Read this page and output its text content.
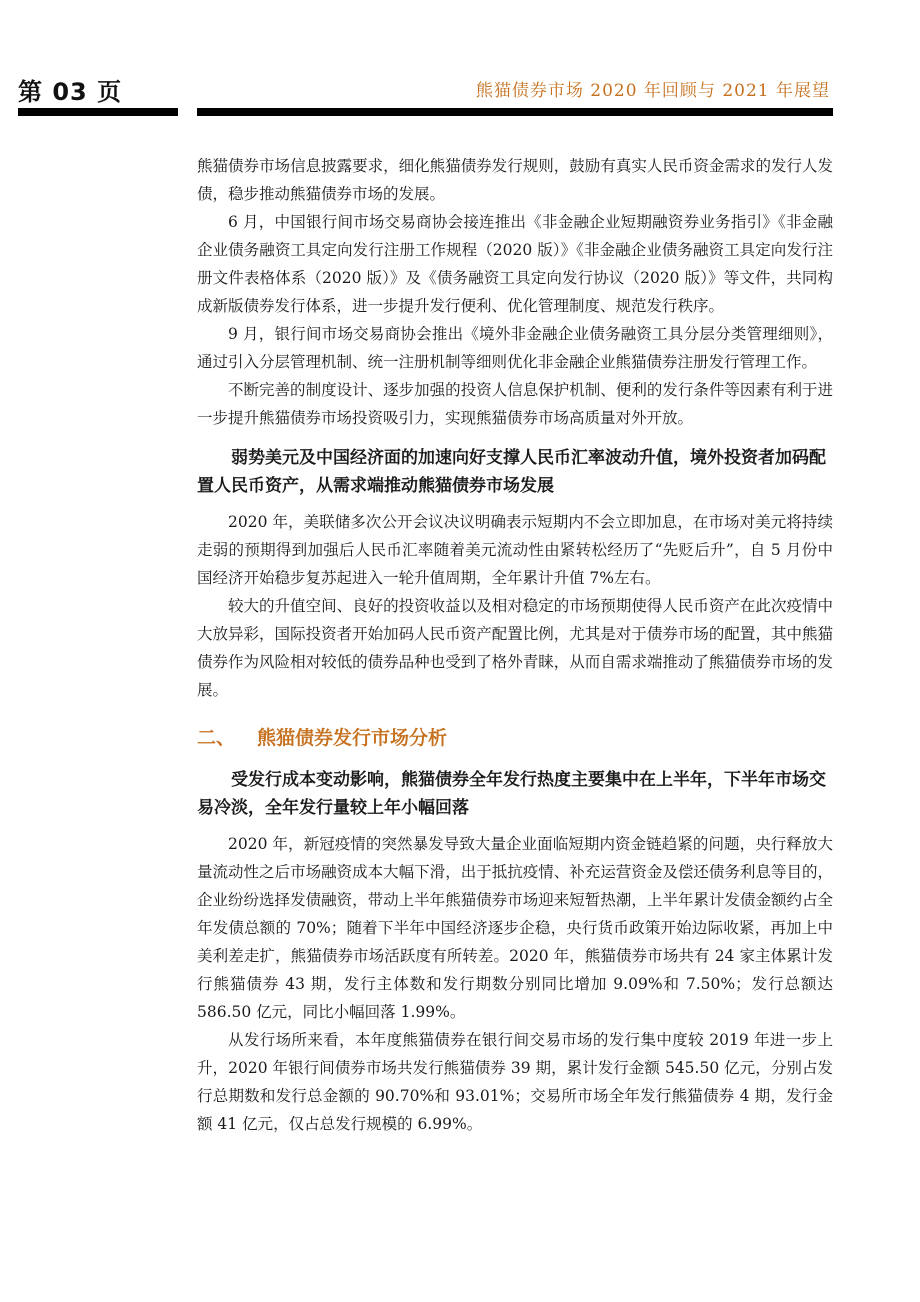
第 03 页	熊猫债券市场 2020 年回顾与 2021 年展望

熊猫债券市场信息披露要求，细化熊猫债券发行规则，鼓励有真实人民币资金需求的发行人发债，稳步推动熊猫债券市场的发展。

6 月，中国银行间市场交易商协会接连推出《非金融企业短期融资券业务指引》《非金融企业债务融资工具定向发行注册工作规程（2020 版）》《非金融企业债务融资工具定向发行注册文件表格体系（2020 版）》及《债务融资工具定向发行协议（2020 版）》等文件，共同构成新版债券发行体系，进一步提升发行便利、优化管理制度、规范发行秩序。

9 月，银行间市场交易商协会推出《境外非金融企业债务融资工具分层分类管理细则》，通过引入分层管理机制、统一注册机制等细则优化非金融企业熊猫债券注册发行管理工作。

不断完善的制度设计、逐步加强的投资人信息保护机制、便利的发行条件等因素有利于进一步提升熊猫债券市场投资吸引力，实现熊猫债券市场高质量对外开放。

弱势美元及中国经济面的加速向好支撑人民币汇率波动升值，境外投资者加码配置人民币资产，从需求端推动熊猫债券市场发展

2020 年，美联储多次公开会议决议明确表示短期内不会立即加息，在市场对美元将持续走弱的预期得到加强后人民币汇率随着美元流动性由紧转松经历了“先贬后升”，自 5 月份中国经济开始稳步复苏起进入一轮升值周期，全年累计升值 7%左右。

较大的升值空间、良好的投资收益以及相对稳定的市场预期使得人民币资产在此次疫情中大放异彩，国际投资者开始加码人民币资产配置比例，尤其是对于债券市场的配置，其中熊猫债券作为风险相对较低的债券品种也受到了格外青睐，从而自需求端推动了熊猫债券市场的发展。

二、 熊猫债券发行市场分析
受发行成本变动影响，熊猫债券全年发行热度主要集中在上半年，下半年市场交易冷淡，全年发行量较上年小幅回落

2020 年，新冠疫情的突然暴发导致大量企业面临短期内资金链趋紧的问题，央行释放大量流动性之后市场融资成本大幅下滑，出于抵抗疫情、补充运营资金及偿还债务利息等目的，企业纷纷选择发债融资，带动上半年熊猫债券市场迎来短暂热潮，上半年累计发债金额约占全年发债总额的 70%；随着下半年中国经济逐步企稳，央行货币政策开始边际收紧，再加上中美利差走扩，熊猫债券市场活跃度有所转差。2020 年，熊猫债券市场共有 24 家主体累计发行熊猫债券 43 期，发行主体数和发行期数分别同比增加 9.09%和 7.50%；发行总额达 586.50 亿元，同比小幅回落 1.99%。

从发行场所来看，本年度熊猫债券在银行间交易市场的发行集中度较 2019 年进一步上升，2020 年银行间债券市场共发行熊猫债券 39 期，累计发行金额 545.50 亿元，分别占发行总期数和发行总金额的 90.70%和 93.01%；交易所市场全年发行熊猫债券 4 期，发行金额 41 亿元，仅占总发行规模的 6.99%。
